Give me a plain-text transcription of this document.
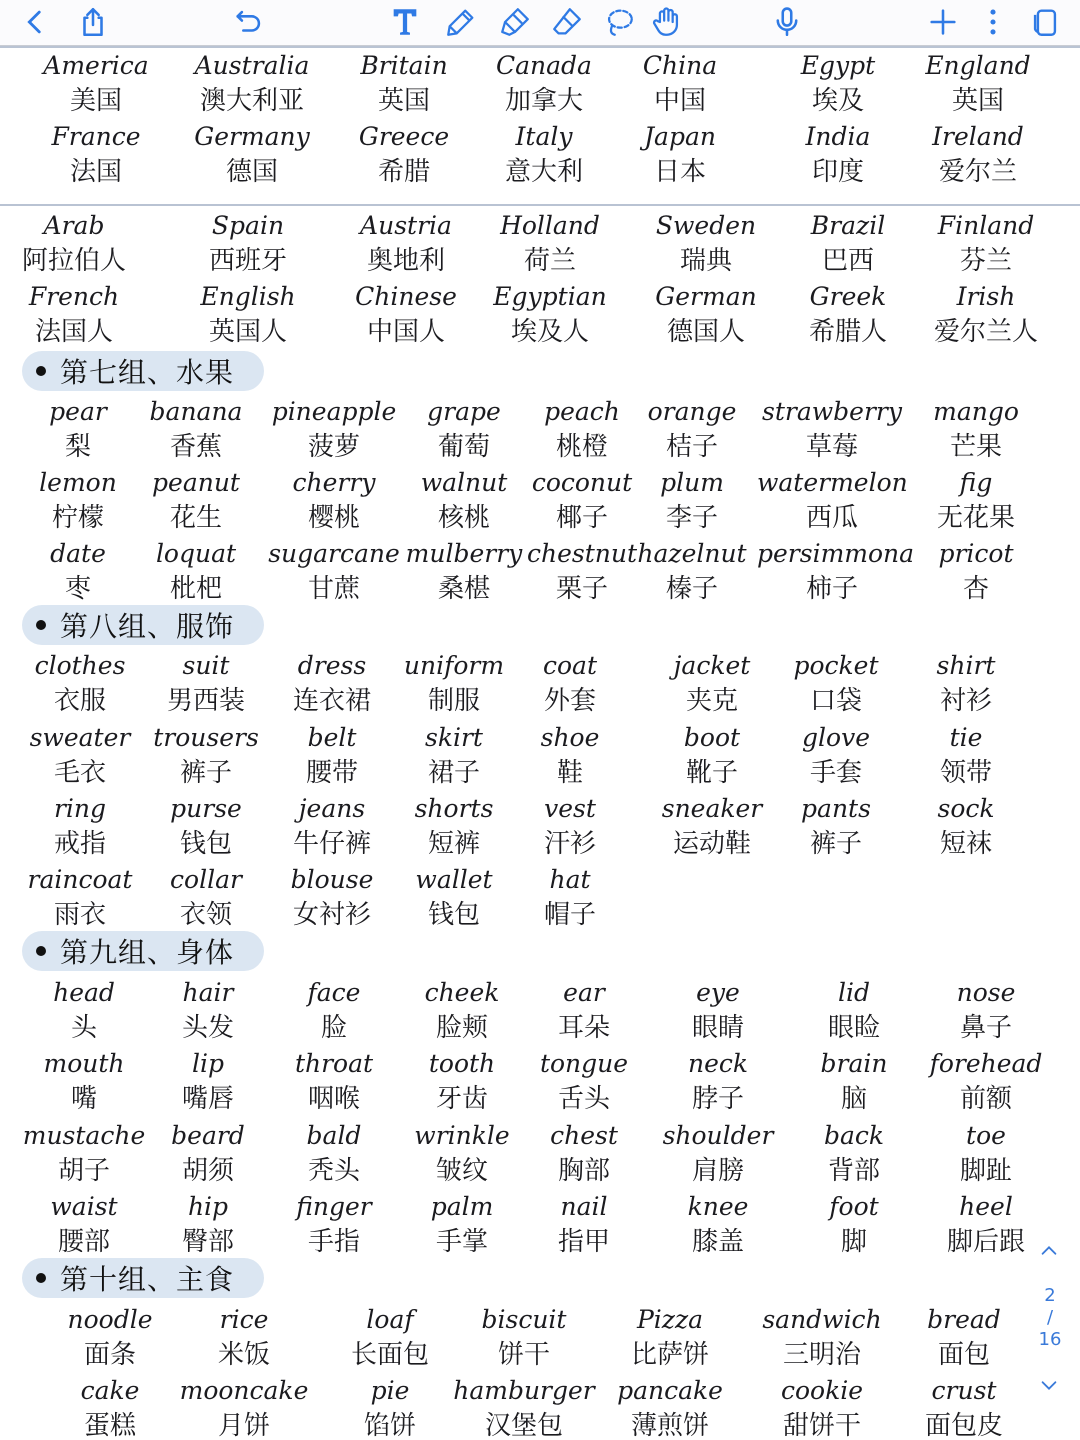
America
美国
Australia
澳大利亚
Britain
英国
Canada
加拿大
China
中国
Egypt
埃及
England
英国
France
法国
Germany
德国
Greece
希腊
Italy
意大利
Japan
日本
India
印度
Ireland
爱尔兰
Arab
阿拉伯人
Spain
西班牙
Austria
奥地利
Holland
荷兰
Sweden
瑞典
Brazil
巴西
Finland
芬兰
French
法国人
English
英国人
Chinese
中国人
Egyptian
埃及人
German
德国人
Greek
希腊人
Irish
爱尔兰人
第七组、水果
pear
梨
banana
香蕉
pineapple
菠萝
grape
葡萄
peach
桃橙
orange
桔子
strawberry
草莓
mango
芒果
lemon
柠檬
peanut
花生
cherry
樱桃
walnut
核桃
coconut
椰子
plum
李子
watermelon
西瓜
fig
无花果
date
枣
loquat
枇杷
sugarcane
甘蔗
mulberry
桑椹
chestnut
栗子
hazelnut
榛子
persimmona
柿子
pricot
杏
第八组、服饰
clothes
衣服
suit
男西装
dress
连衣裙
uniform
制服
coat
外套
jacket
夹克
pocket
口袋
shirt
衬衫
sweater
毛衣
trousers
裤子
belt
腰带
skirt
裙子
shoe
鞋
boot
靴子
glove
手套
tie
领带
ring
戒指
purse
钱包
jeans
牛仔裤
shorts
短裤
vest
汗衫
sneaker
运动鞋
pants
裤子
sock
短袜
raincoat
雨衣
collar
衣领
blouse
女衬衫
wallet
钱包
hat
帽子
第九组、身体
head
头
hair
头发
face
脸
cheek
脸颊
ear
耳朵
eye
眼睛
lid
眼睑
nose
鼻子
mouth
嘴
lip
嘴唇
throat
咽喉
tooth
牙齿
tongue
舌头
neck
脖子
brain
脑
forehead
前额
mustache
胡子
beard
胡须
bald
秃头
wrinkle
皱纹
chest
胸部
shoulder
肩膀
back
背部
toe
脚趾
waist
腰部
hip
臀部
finger
手指
palm
手掌
nail
指甲
knee
膝盖
foot
脚
heel
脚后跟
第十组、主食
noodle
面条
rice
米饭
loaf
长面包
biscuit
饼干
Pizza
比萨饼
sandwich
三明治
bread
面包
cake
蛋糕
mooncake
月饼
pie
馅饼
hamburger
汉堡包
pancake
薄煎饼
cookie
甜饼干
crust
面包皮
2
/
16
